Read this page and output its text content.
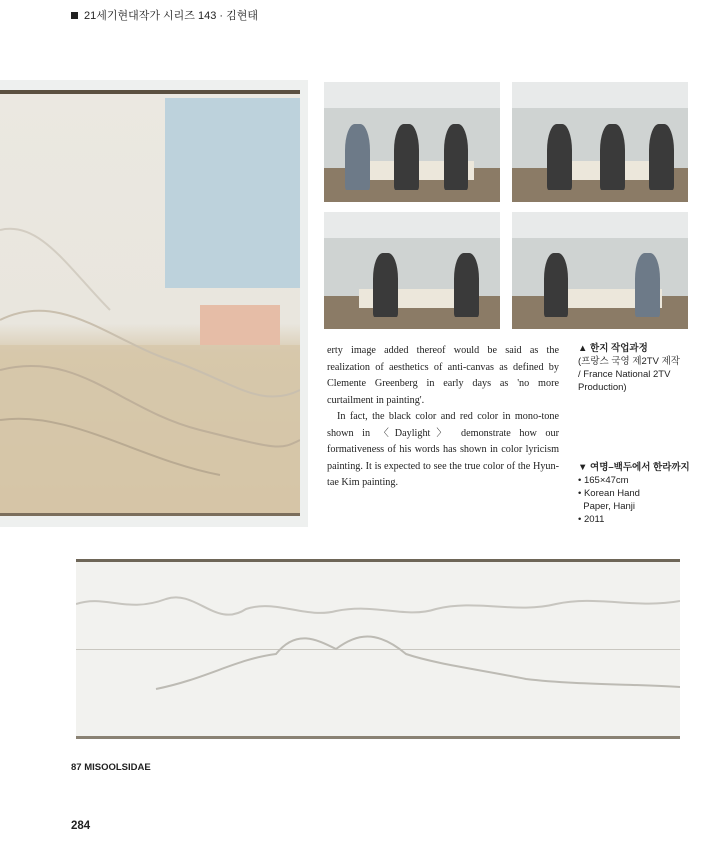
21세기현대작가 시리즈 143 · 김현태

erty image added thereof would be said as the realization of aesthetics of anti-canvas as defined by Clemente Greenberg in early days as 'no more curtailment in painting'.

In fact, the black color and red color in mono-tone shown in 〈Daylight〉 demonstrate how our formativeness of his words has shown in color lyricism painting. It is expected to see the true color of the Hyun-tae Kim painting.

▲ 한지 작업과정
(프랑스 국영 제2TV 제작
/ France National 2TV
Production)
▼ 여명–백두에서 한라까지
• 165×47cm
• Korean Hand
Paper, Hanji
• 2011
87 MISOOLSIDAE
284
